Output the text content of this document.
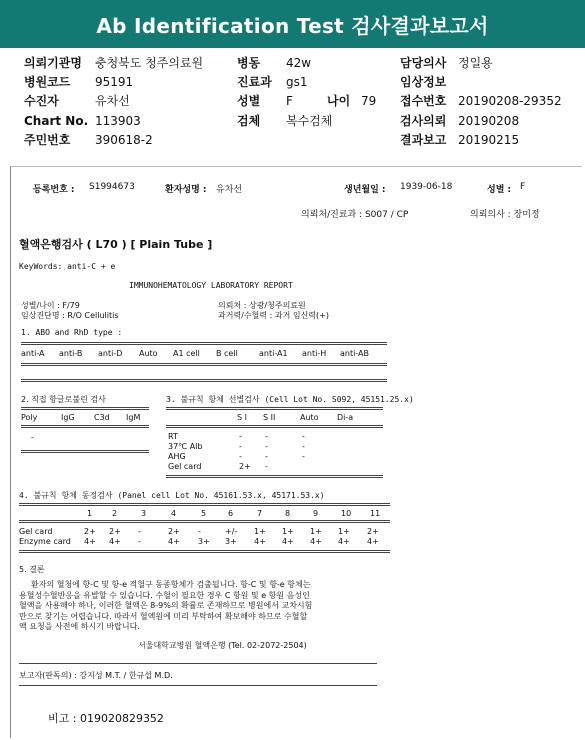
Ab Identification Test 검사결과보고서
의뢰기관명 충청북도 청주의료원
병원코드 95191
수진자	유차선
Chart No. 113903
주민번호 390618-2
병동 42w
진료과 gs1
성별 F	나이 79
검체 복수검체
담당의사 정일용
임상정보
접수번호 20190208-29352
검사의뢰 20190208
결과보고 20190215
등록번호 : S1994673	환자성명 : 유차선	생년월일 : 1939-06-18	성별 : F
의뢰처/진료과 : S007 / CP	의뢰의사 : 장미정
혈액은행검사 ( L70 ) [ Plain Tube ]
KeyWords: anti-C + e
IMMUNOHEMATOLOGY LABORATORY REPORT
성별/나이 : F/79
임상진단명 : R/O Cellulitis
의뢰처 : 상광/청주의료원
과거력/수혈력 : 과거 임신력(+)
1. ABO and RhD type :
anti-A anti-B anti-D Auto A1 cell B cell	anti-A1 anti-H anti-AB
2. 직접 항글로불린 검사
Poly	IgG C3d IgM
-
3. 불규칙 항체 선별검사 (Cell Lot No. S092, 45151.25.x)
S I S II	Auto Di-a
RT	-	-	-
37℃ Alb	-	-	-
AHG	-	-	-
Gel card	2+ -
4. 불규칙 항체 동정검사 (Panel cell Lot No. 45161.53.x, 45171.53.x)
1 2	3	4	5	6	7	8	9	10 11
Gel card	2+ 2+ -	2+ -	+/- 1+ 1+ 1+ 1+ 2+
Enzyme card 4+ 4+ -	4+ 3+ 3+ 4+ 4+ 4+ 4+ 4+
5. 결론
환자의 혈청에 항-C 및 항-e 적혈구 동종항체가 검출됩니다. 항-C 및 항-e 항체는
용혈성수혈반응을 유발할 수 있습니다. 수혈이 필요한 경우 C 항원 및 e 항원 음성인
혈액을 사용해야 하나, 이러한 혈액은 8-9%의 확률로 존재하므로 병원에서 교차시험
만으로 찾기는 어렵습니다. 따라서 혈액원에 미리 부탁하여 확보해야 하므로 수혈할
액 요청을 사전에 하시기 바랍니다.
서울대학교병원 혈액은행 (Tel. 02-2072-2504)
보고자(판독의) : 강지성 M.T. / 한규섭 M.D.
비고 : 019020829352
